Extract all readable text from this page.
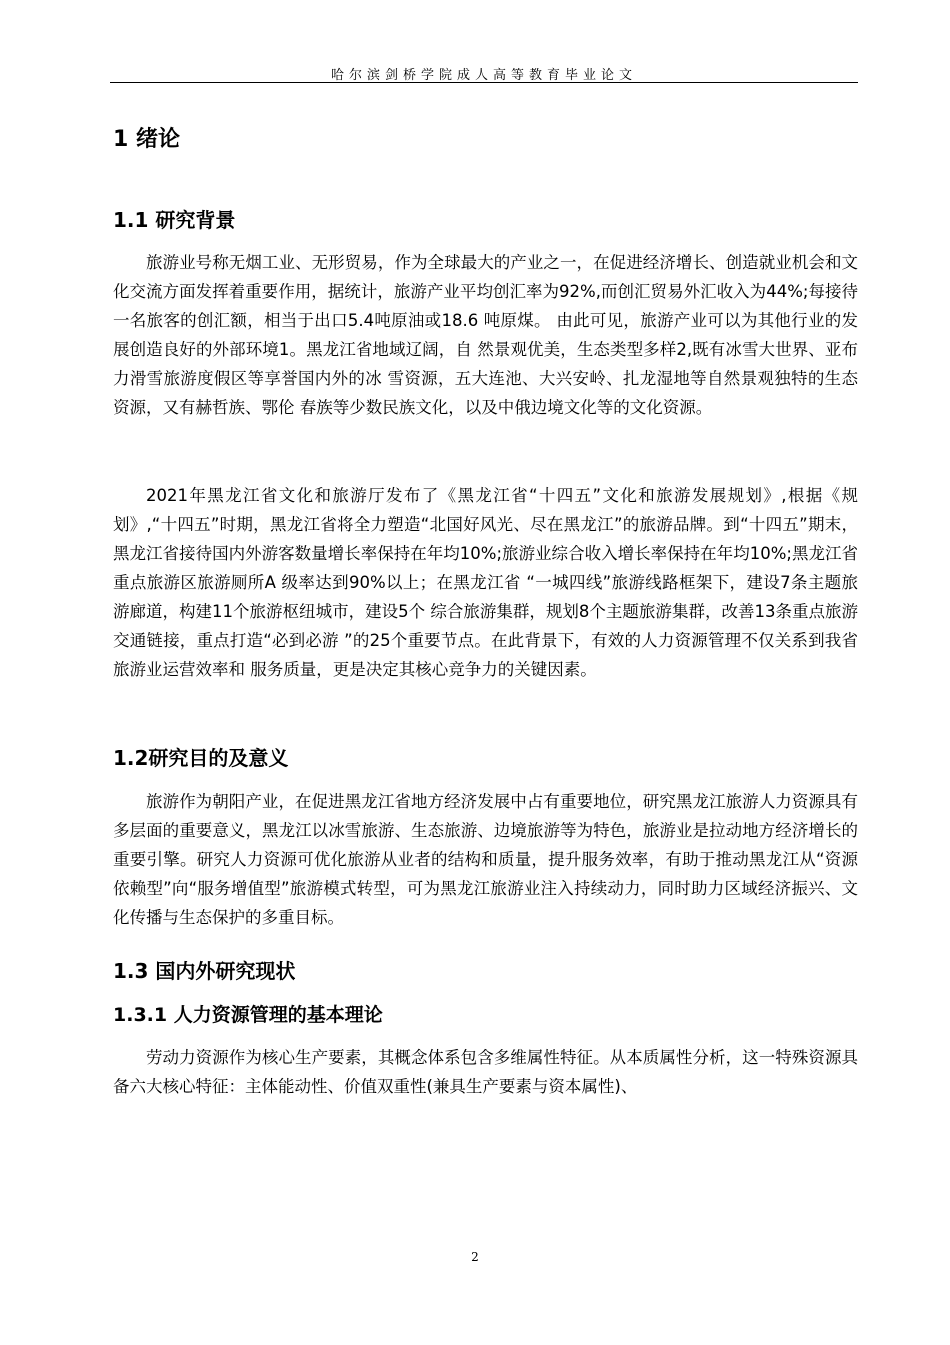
哈尔滨剑桥学院成人高等教育毕业论文
1 绪论
1.1 研究背景

旅游业号称无烟工业、无形贸易，作为全球最大的产业之一，在促进经济增长、创造就业机会和文化交流方面发挥着重要作用，据统计，旅游产业平均创汇率为92%,而创汇贸易外汇收入为44%;每接待一名旅客的创汇额，相当于出口5.4吨原油或18.6 吨原煤。 由此可见，旅游产业可以为其他行业的发展创造良好的外部环境1。黑龙江省地域辽阔，自 然景观优美，生态类型多样2,既有冰雪大世界、亚布力滑雪旅游度假区等享誉国内外的冰 雪资源，五大连池、大兴安岭、扎龙湿地等自然景观独特的生态资源，又有赫哲族、鄂伦 春族等少数民族文化，以及中俄边境文化等的文化资源。

2021年黑龙江省文化和旅游厅发布了《黑龙江省“十四五”文化和旅游发展规划》,根据《规划》,“十四五”时期，黑龙江省将全力塑造“北国好风光、尽在黑龙江”的旅游品牌。到“十四五”期末，黑龙江省接待国内外游客数量增长率保持在年均10%;旅游业综合收入增长率保持在年均10%;黑龙江省重点旅游区旅游厕所A 级率达到90%以上；在黑龙江省 “一城四线”旅游线路框架下，建设7条主题旅游廊道，构建11个旅游枢纽城市，建设5个 综合旅游集群，规划8个主题旅游集群，改善13条重点旅游交通链接，重点打造“必到必游 ”的25个重要节点。在此背景下，有效的人力资源管理不仅关系到我省旅游业运营效率和 服务质量，更是决定其核心竞争力的关键因素。

1.2研究目的及意义

旅游作为朝阳产业，在促进黑龙江省地方经济发展中占有重要地位，研究黑龙江旅游人力资源具有多层面的重要意义，黑龙江以冰雪旅游、生态旅游、边境旅游等为特色，旅游业是拉动地方经济增长的重要引擎。研究人力资源可优化旅游从业者的结构和质量，提升服务效率，有助于推动黑龙江从“资源依赖型”向“服务增值型”旅游模式转型，可为黑龙江旅游业注入持续动力，同时助力区域经济振兴、文化传播与生态保护的多重目标。

1.3 国内外研究现状
1.3.1 人力资源管理的基本理论

劳动力资源作为核心生产要素，其概念体系包含多维属性特征。从本质属性分析，这一特殊资源具备六大核心特征：主体能动性、价值双重性(兼具生产要素与资本属性)、

2
